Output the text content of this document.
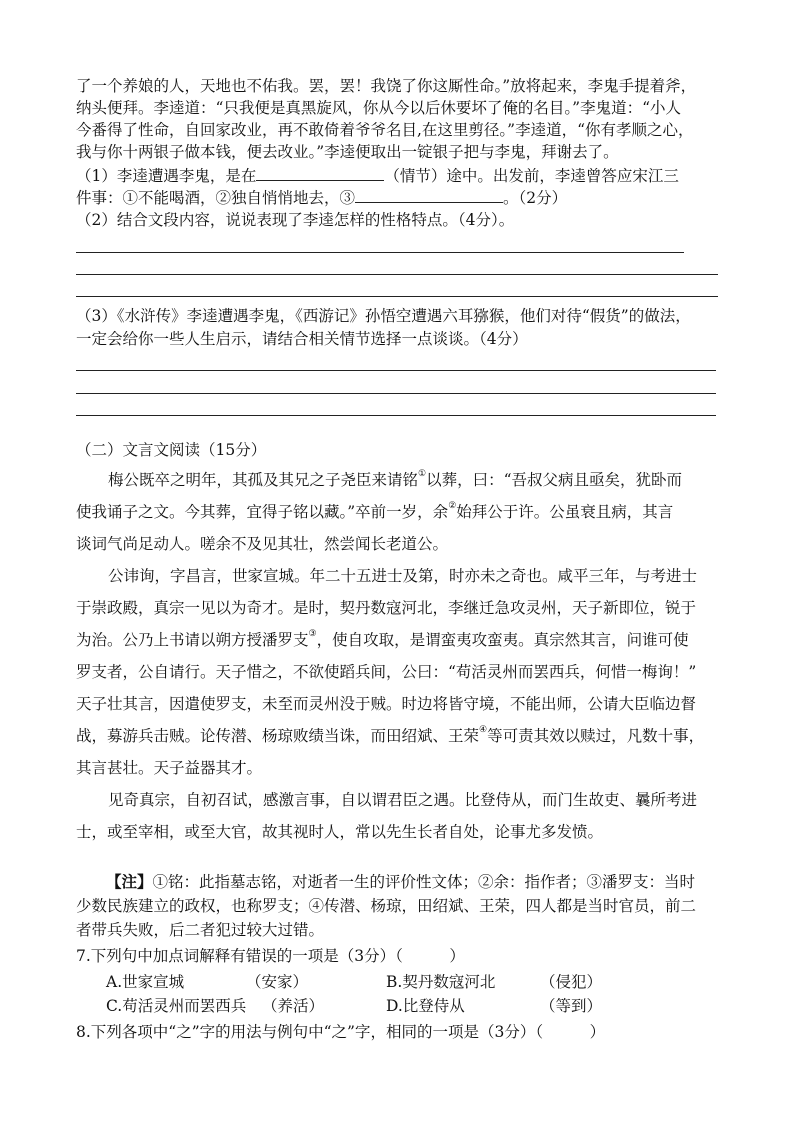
了一个养娘的人，天地也不佑我。罢，罢！我饶了你这厮性命。”放将起来，李鬼手提着斧，
纳头便拜。李逵道：“只我便是真黑旋风，你从今以后休要坏了俺的名目。”李鬼道：“小人
今番得了性命，自回家改业，再不敢倚着爷爷名目,在这里剪径。”李逵道，“你有孝顺之心，
我与你十两银子做本钱，便去改业。”李逵便取出一锭银子把与李鬼，拜谢去了。
（1）李逵遭遇李鬼，是在	（情节）途中。出发前，李逵曾答应宋江三
件事：①不能喝酒，②独自悄悄地去，③	。（2分）
（2）结合文段内容，说说表现了李逵怎样的性格特点。（4分）。
（3）《水浒传》李逵遭遇李鬼，《西游记》孙悟空遭遇六耳猕猴，他们对待“假货”的做法，
一定会给你一些人生启示，请结合相关情节选择一点谈谈。（4分）
（二）文言文阅读（15分）
梅公既卒之明年，其孤及其兄之子尧臣来请铭①以葬，曰：“吾叔父病且亟矣，犹卧而
使我诵子之文。今其葬，宜得子铭以藏。”卒前一岁，余②始拜公于许。公虽衰且病，其言
谈词气尚足动人。嗟余不及见其壮，然尝闻长老道公。
公讳询，字昌言，世家宣城。年二十五进士及第，时亦未之奇也。咸平三年，与考进士
于崇政殿，真宗一见以为奇才。是时，契丹数寇河北，李继迁急攻灵州，天子新即位，锐于
为治。公乃上书请以朔方授潘罗支③，使自攻取，是谓蛮夷攻蛮夷。真宗然其言，问谁可使
罗支者，公自请行。天子惜之，不欲使蹈兵间，公曰：“苟活灵州而罢西兵，何惜一梅询！”
天子壮其言，因遣使罗支，未至而灵州没于贼。时边将皆守境，不能出师，公请大臣临边督
战，募游兵击贼。论传潜、杨琼败绩当诛，而田绍斌、王荣④等可责其效以赎过，凡数十事，
其言甚壮。天子益器其才。
见奇真宗，自初召试，感激言事，自以谓君臣之遇。比登侍从，而门生故吏、曩所考进
士，或至宰相，或至大官，故其视时人，常以先生长者自处，论事尤多发愤。
【注】①铭：此指墓志铭，对逝者一生的评价性文体；②余：指作者；③潘罗支：当时
少数民族建立的政权，也称罗支；④传潜、杨琼，田绍斌、王荣，四人都是当时官员，前二
者带兵失败，后二者犯过较大过错。
7.下列句中加点词解释有错误的一项是（3分）（　　　）
A.世家宣城	（安家）	B.契丹数寇河北	（侵犯）
C.苟活灵州而罢西兵 （养活）	D.比登侍从	（等到）
8.下列各项中“之”字的用法与例句中“之”字，相同的一项是（3分）（　　　）
